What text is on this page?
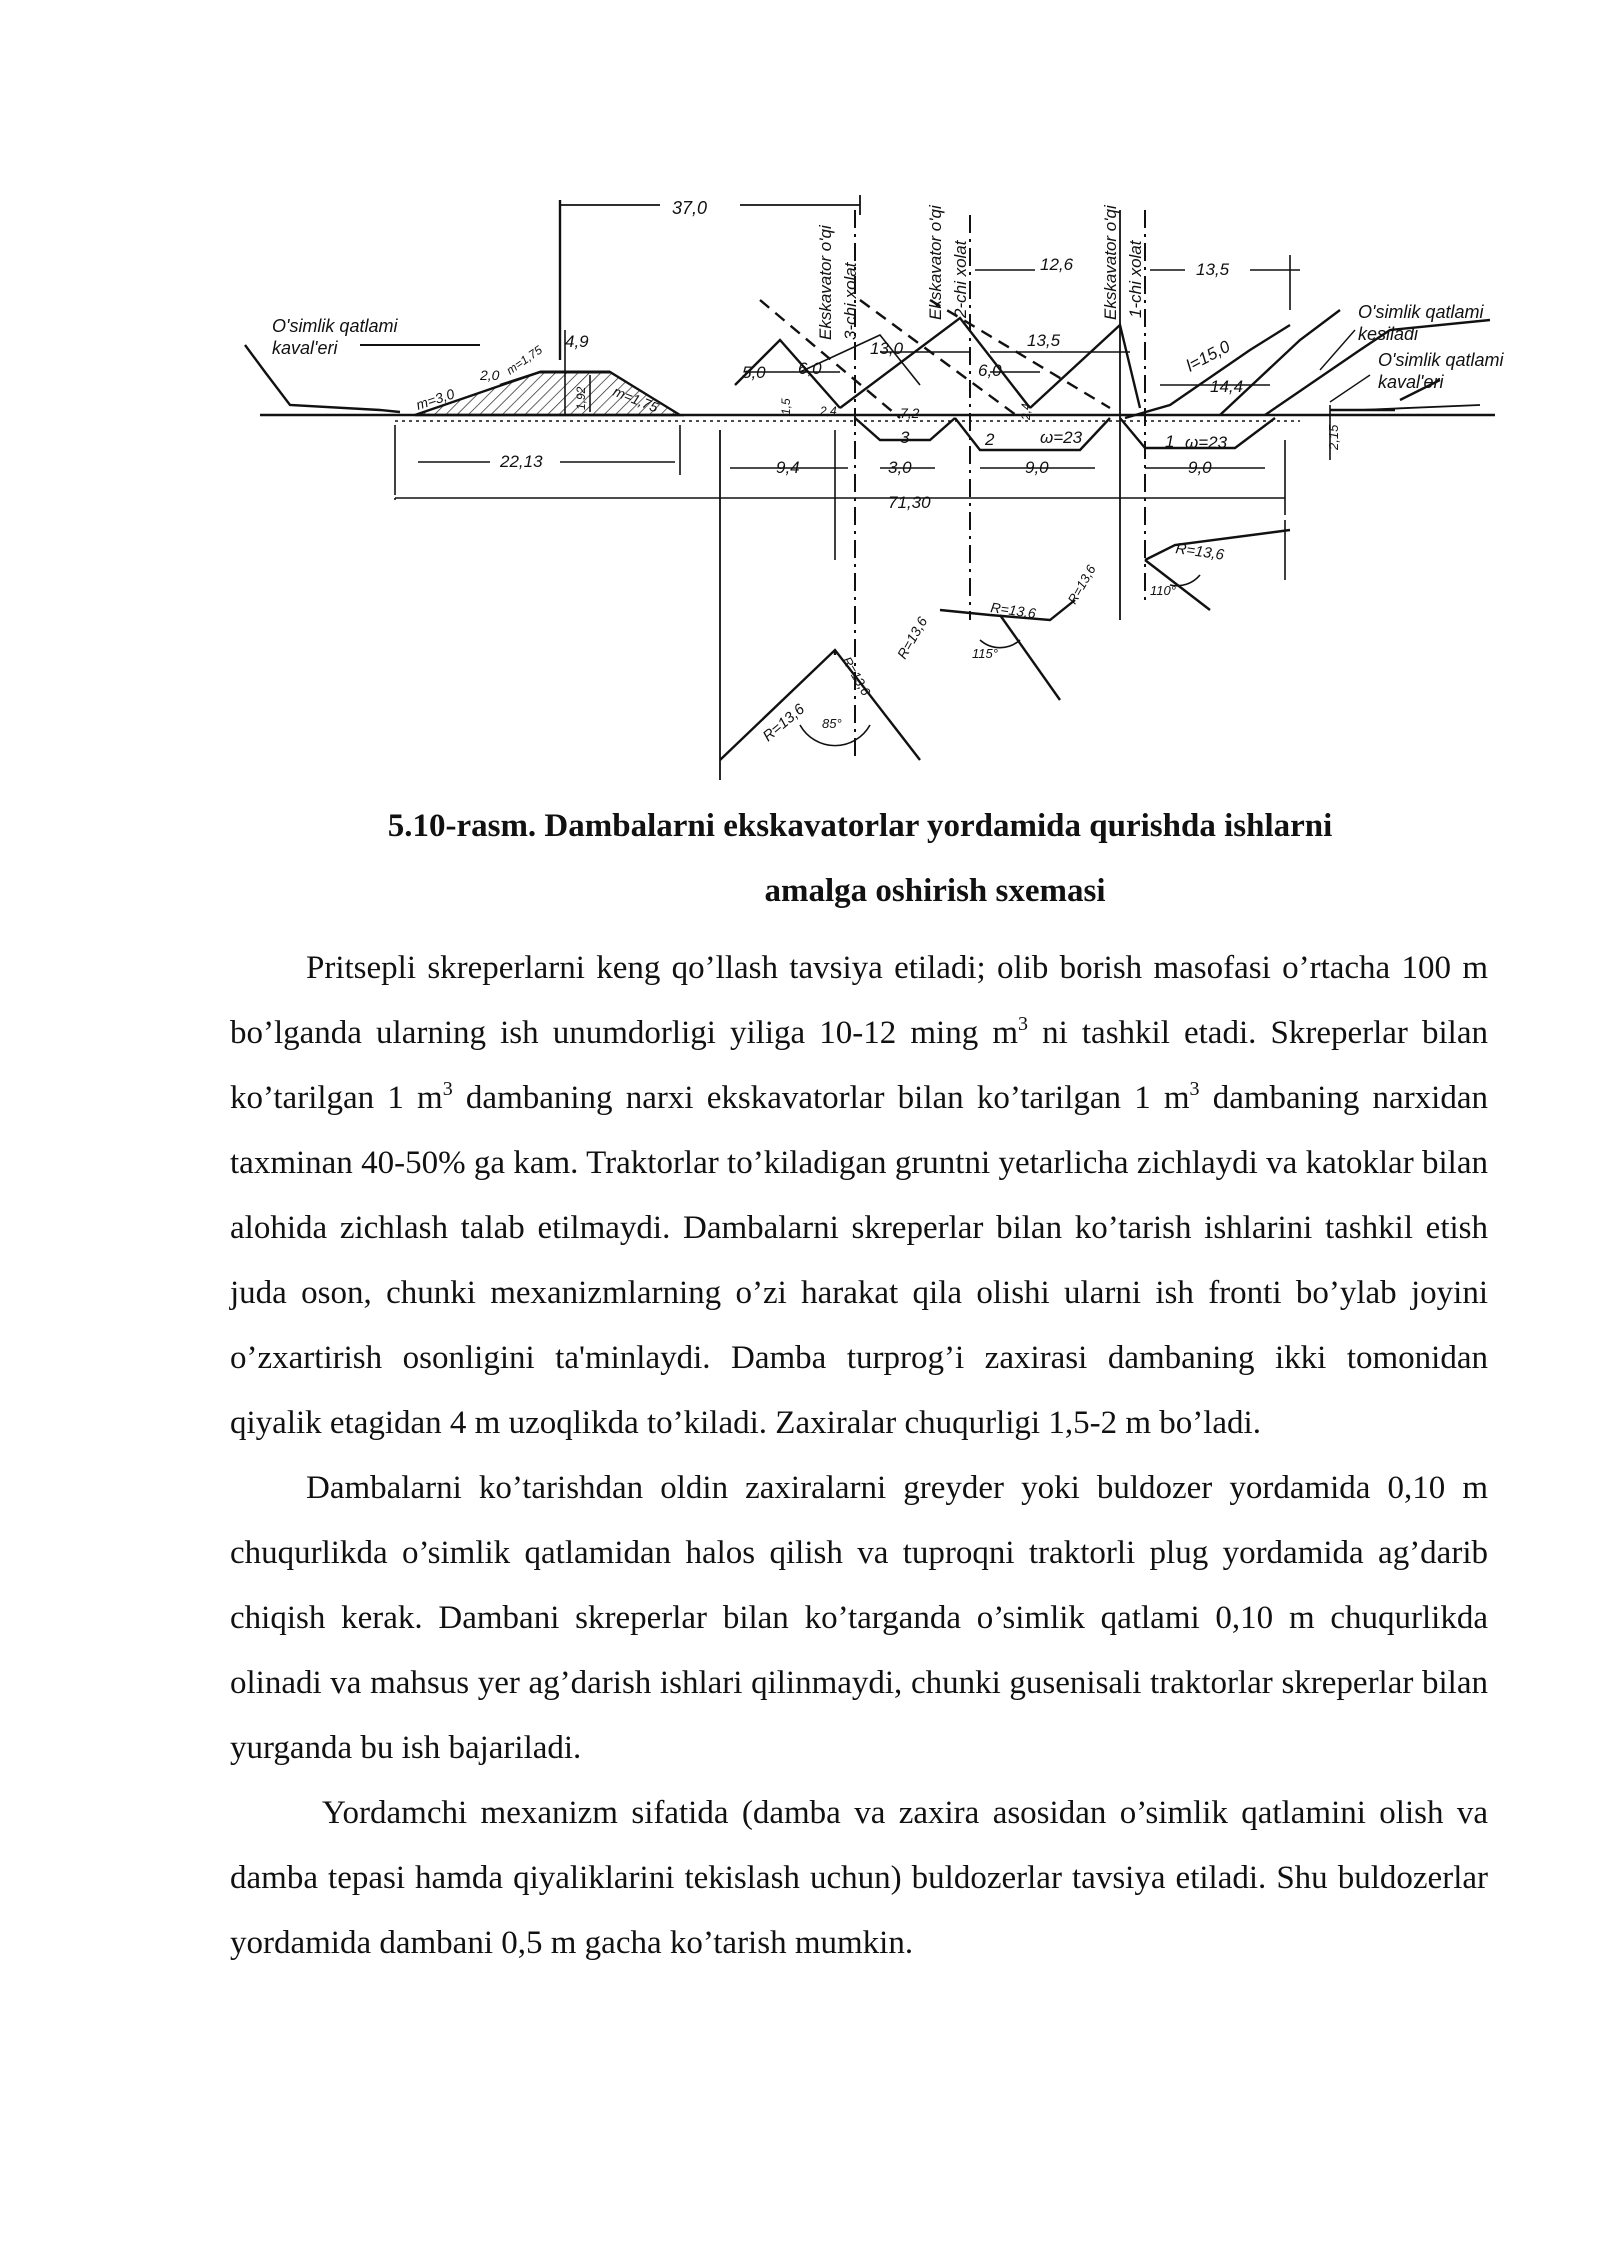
37,0
22,13
71,30
13,5
12,6
13,0	13,5	l=15,0
14,4
9,4	3,0	9,0	9,0
5,0 6,0	6,0
4,9
2,0
1,92
2,15
7,2
2,4	2,4
1,5
m=3,0
m=1,75
m=1,75
ω=23	ω=23
1
2
3
Ekskavator o'qi 3-chi xolat	Ekskavator o'qi 2-chi xolat	Ekskavator o'qi 1-chi xolat
O'simlik qatlami
kaval'eri
O'simlik qatlami
kesiladi
O'simlik qatlami
kaval'eri
R=13,6
R=13,6
R=13,6
R=13,6
R=13,6
R=13,6
85°
115°
110°
5.10-rasm. Dambalarni ekskavatorlar yordamida qurishda ishlarni
amalga oshirish sxemasi

Pritsepli skreperlarni keng qo’llash tavsiya etiladi; olib borish masofasi o’rtacha 100 m bo’lganda ularning ish unumdorligi yiliga 10-12 ming $m^3$ ni tashkil etadi. Skreperlar bilan ko’tarilgan 1 $m^3$ dambaning narxi ekskavatorlar bilan ko’tarilgan 1 $m^3$ dambaning narxidan taxminan 40-50% ga kam. Traktorlar to’kiladigan gruntni yetarlicha zichlaydi va katoklar bilan alohida zichlash talab etilmaydi. Dambalarni skreperlar bilan ko’tarish ishlarini tashkil etish juda oson, chunki mexanizmlarning o’zi harakat qila olishi ularni ish fronti bo’ylab joyini o’zxartirish osonligini ta'minlaydi. Damba turprog’i zaxirasi dambaning ikki tomonidan qiyalik etagidan 4 m uzoqlikda to’kiladi. Zaxiralar chuqurligi 1,5-2 m bo’ladi.

Dambalarni ko’tarishdan oldin zaxiralarni greyder yoki buldozer yordamida 0,10 m chuqurlikda o’simlik qatlamidan halos qilish va tuproqni traktorli plug yordamida ag’darib chiqish kerak. Dambani skreperlar bilan ko’targanda o’simlik qatlami 0,10 m chuqurlikda olinadi va mahsus yer ag’darish ishlari qilinmaydi, chunki gusenisali traktorlar skreperlar bilan yurganda bu ish bajariladi.

Yordamchi mexanizm sifatida (damba va zaxira asosidan o’simlik qatlamini olish va damba tepasi hamda qiyaliklarini tekislash uchun) buldozerlar tavsiya etiladi. Shu buldozerlar yordamida dambani 0,5 m gacha ko’tarish mumkin.
